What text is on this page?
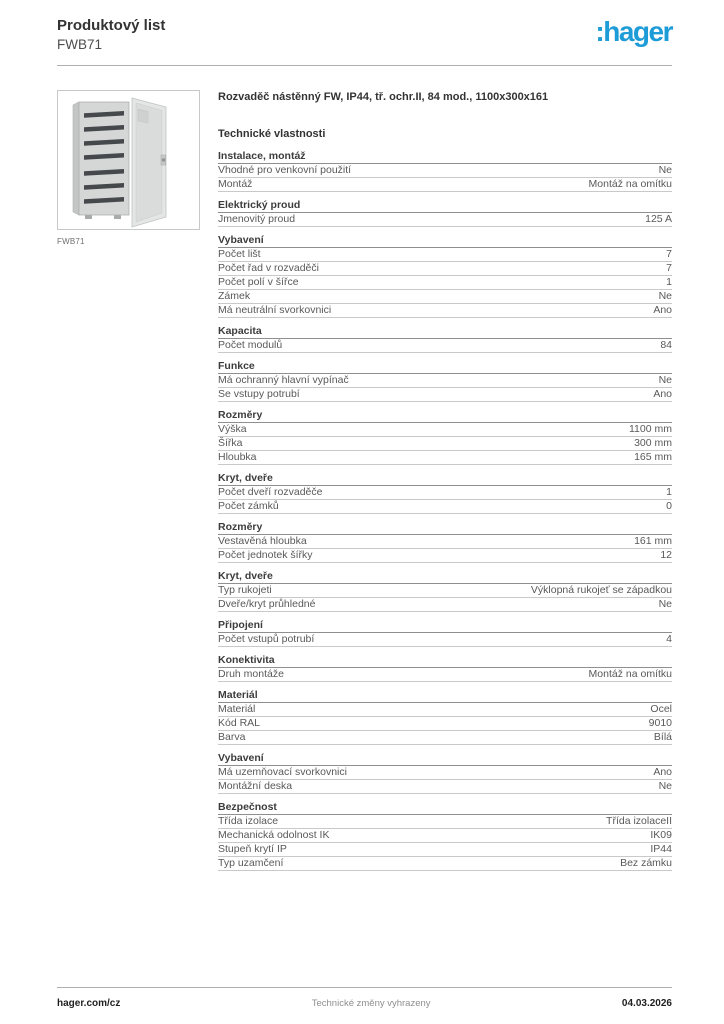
Produktový list
FWB71	:hager
FWB71
Rozvaděč nástěnný FW, IP44, tř. ochr.II, 84 mod., 1100x300x161
Technické vlastnosti
Instalace, montáž
Vhodné pro venkovní použití	Ne
Montáž	Montáž na omítku
Elektrický proud
Jmenovitý proud	125 A
Vybavení
Počet lišt	7
Počet řad v rozvaděči	7
Počet polí v šířce	1
Zámek	Ne
Má neutrální svorkovnici	Ano
Kapacita
Počet modulů	84
Funkce
Má ochranný hlavní vypínač	Ne
Se vstupy potrubí	Ano
Rozměry
Výška	1100 mm
Šířka	300 mm
Hloubka	165 mm
Kryt, dveře
Počet dveří rozvaděče	1
Počet zámků	0
Rozměry
Vestavěná hloubka	161 mm
Počet jednotek šířky	12
Kryt, dveře
Typ rukojeti	Výklopná rukojeť se západkou
Dveře/kryt průhledné	Ne
Připojení
Počet vstupů potrubí	4
Konektivita
Druh montáže	Montáž na omítku
Materiál
Materiál	Ocel
Kód RAL	9010
Barva	Bílá
Vybavení
Má uzemňovací svorkovnici	Ano
Montážní deska	Ne
Bezpečnost
Třída izolace	Třída izolaceII
Mechanická odolnost IK	IK09
Stupeň krytí IP	IP44
Typ uzamčení	Bez zámku
hager.com/cz	Technické změny vyhrazeny	04.03.2026
